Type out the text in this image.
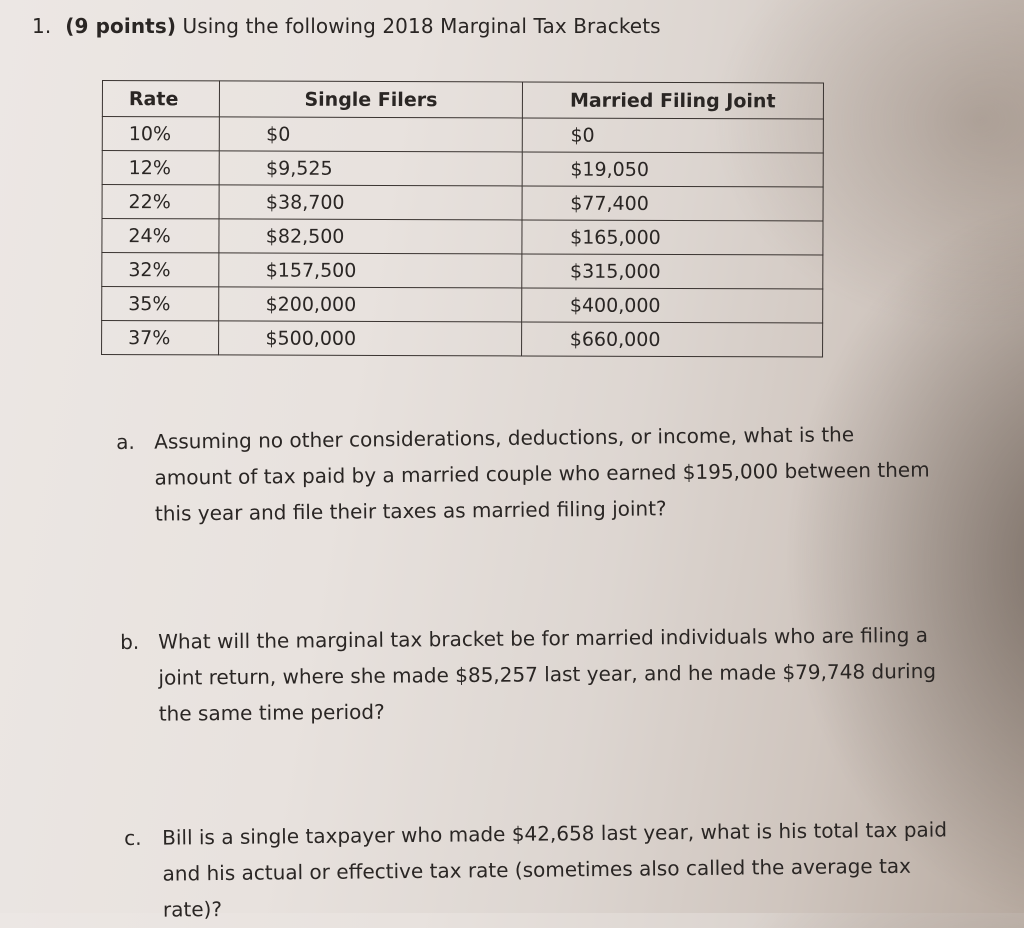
1. (9 points) Using the following 2018 Marginal Tax Brackets
Rate	Single Filers	Married Filing Joint
10%	$0	$0
12%	$9,525	$19,050
22%	$38,700	$77,400
24%	$82,500	$165,000
32%	$157,500	$315,000
35%	$200,000	$400,000
37%	$500,000	$660,000
a. Assuming no other considerations, deductions, or income, what is the amount of tax paid by a married couple who earned $195,000 between them this year and file their taxes as married filing joint?
b. What will the marginal tax bracket be for married individuals who are filing a joint return, where she made $85,257 last year, and he made $79,748 during the same time period?
c. Bill is a single taxpayer who made $42,658 last year, what is his total tax paid and his actual or effective tax rate (sometimes also called the average tax rate)?
